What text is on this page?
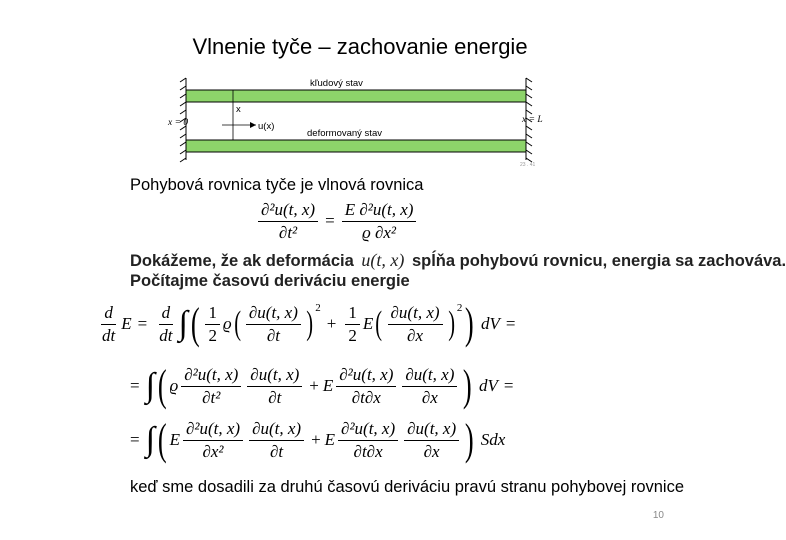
Vlnenie tyče – zachovanie energie
kľudový stav
x
u(x)
x = 0
deformovaný stav
x = L
23 . 41
Pohybová rovnica tyče je vlnová rovnica
$\frac{\text{∂²u(t, x)}}{\text{∂t²}} = \frac{\text{E ∂²u(t, x)}}{\text{ϱ ∂x²}}$
Dokážeme, že ak deformácia u(t, x) spĺňa pohybovú rovnicu, energia sa zachováva.
Počítajme časovú deriváciu energie
$\frac{d}{dt}$ $E = \frac{d}{dt}$ ∫ ( $\frac{1}{2}$ ϱ ( $\frac{\partial u(t, x)}{\partial t} )^2$
+ $\frac{1}{2}$ E ( $\frac{\partial u(t, x)}{\partial x} )^2$ ) dV =
= ∫ ( ϱ $\frac{\text{∂²u(t, x)}}{\text{∂t²}} \frac{\partial u(t, x)}{\partial t} + E \frac{\text{∂²u(t, x)}}{\partial t\partial x} \frac{\partial u(t, x)}{\partial x}$ ) dV =
= ∫ ( E $\frac{\text{∂²u(t, x)}}{\text{∂x²}} \frac{\partial u(t, x)}{\partial t} + E \frac{\text{∂²u(t, x)}}{\partial t\partial x} \frac{\partial u(t, x)}{\partial x}$ ) Sdx
keď sme dosadili za druhú časovú deriváciu pravú stranu pohybovej rovnice
10
